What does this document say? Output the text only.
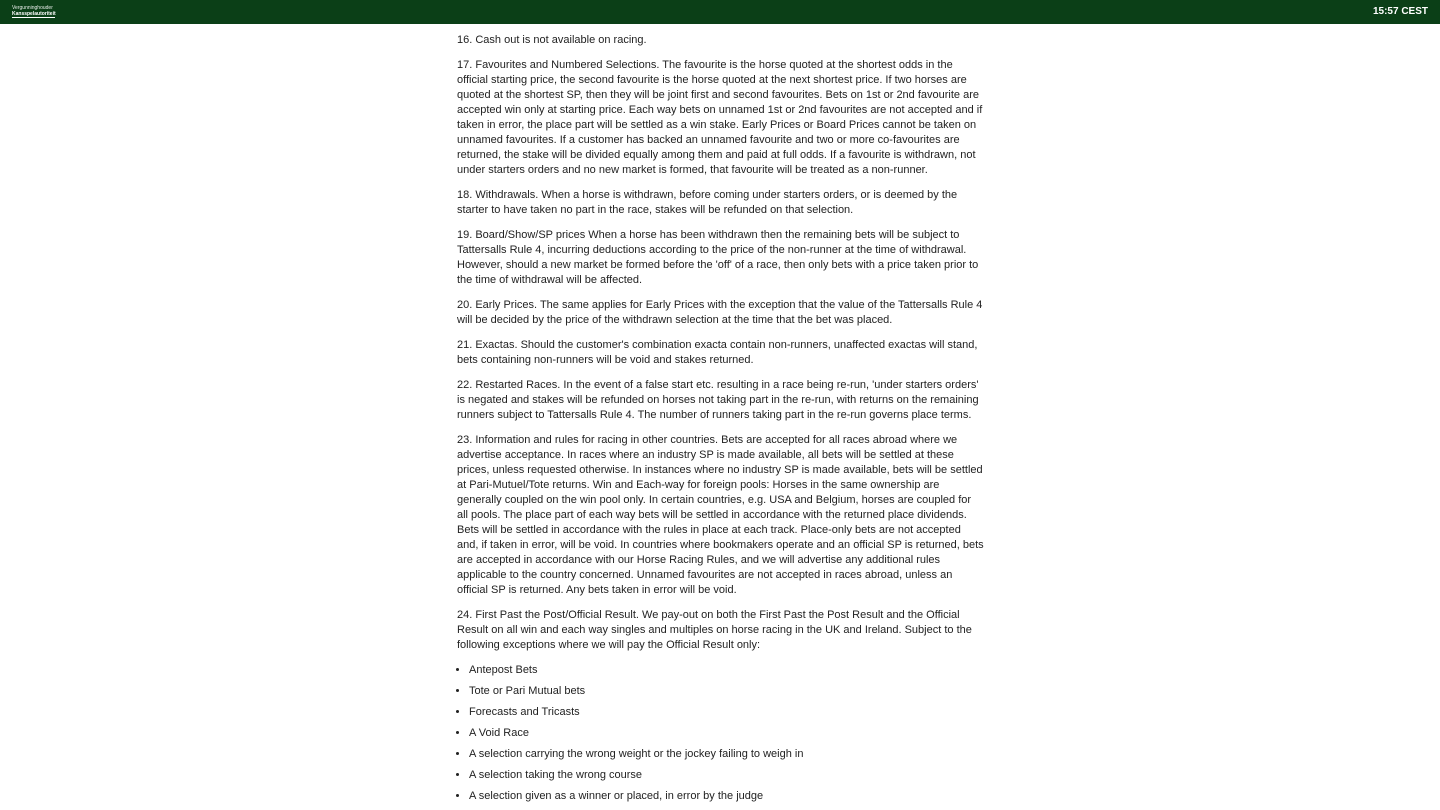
Vergunninghouder
Kansspelautoriteit	15:57 CEST

16. Cash out is not available on racing.

17. Favourites and Numbered Selections. The favourite is the horse quoted at the shortest odds in the official starting price, the second favourite is the horse quoted at the next shortest price. If two horses are quoted at the shortest SP, then they will be joint first and second favourites. Bets on 1st or 2nd favourite are accepted win only at starting price. Each way bets on unnamed 1st or 2nd favourites are not accepted and if taken in error, the place part will be settled as a win stake. Early Prices or Board Prices cannot be taken on unnamed favourites. If a customer has backed an unnamed favourite and two or more co-favourites are returned, the stake will be divided equally among them and paid at full odds. If a favourite is withdrawn, not under starters orders and no new market is formed, that favourite will be treated as a non-runner.

18. Withdrawals. When a horse is withdrawn, before coming under starters orders, or is deemed by the starter to have taken no part in the race, stakes will be refunded on that selection.

19. Board/Show/SP prices When a horse has been withdrawn then the remaining bets will be subject to Tattersalls Rule 4, incurring deductions according to the price of the non-runner at the time of withdrawal. However, should a new market be formed before the 'off' of a race, then only bets with a price taken prior to the time of withdrawal will be affected.

20. Early Prices. The same applies for Early Prices with the exception that the value of the Tattersalls Rule 4 will be decided by the price of the withdrawn selection at the time that the bet was placed.

21. Exactas. Should the customer's combination exacta contain non-runners, unaffected exactas will stand, bets containing non-runners will be void and stakes returned.

22. Restarted Races. In the event of a false start etc. resulting in a race being re-run, 'under starters orders' is negated and stakes will be refunded on horses not taking part in the re-run, with returns on the remaining runners subject to Tattersalls Rule 4. The number of runners taking part in the re-run governs place terms.

23. Information and rules for racing in other countries. Bets are accepted for all races abroad where we advertise acceptance. In races where an industry SP is made available, all bets will be settled at these prices, unless requested otherwise. In instances where no industry SP is made available, bets will be settled at Pari-Mutuel/Tote returns. Win and Each-way for foreign pools: Horses in the same ownership are generally coupled on the win pool only. In certain countries, e.g. USA and Belgium, horses are coupled for all pools. The place part of each way bets will be settled in accordance with the returned place dividends. Bets will be settled in accordance with the rules in place at each track. Place-only bets are not accepted and, if taken in error, will be void. In countries where bookmakers operate and an official SP is returned, bets are accepted in accordance with our Horse Racing Rules, and we will advertise any additional rules applicable to the country concerned. Unnamed favourites are not accepted in races abroad, unless an official SP is returned. Any bets taken in error will be void.

24. First Past the Post/Official Result. We pay-out on both the First Past the Post Result and the Official Result on all win and each way singles and multiples on horse racing in the UK and Ireland. Subject to the following exceptions where we will pay the Official Result only:

• Antepost Bets
• Tote or Pari Mutual bets
• Forecasts and Tricasts
• A Void Race
• A selection carrying the wrong weight or the jockey failing to weigh in
• A selection taking the wrong course
• A selection given as a winner or placed, in error by the judge
